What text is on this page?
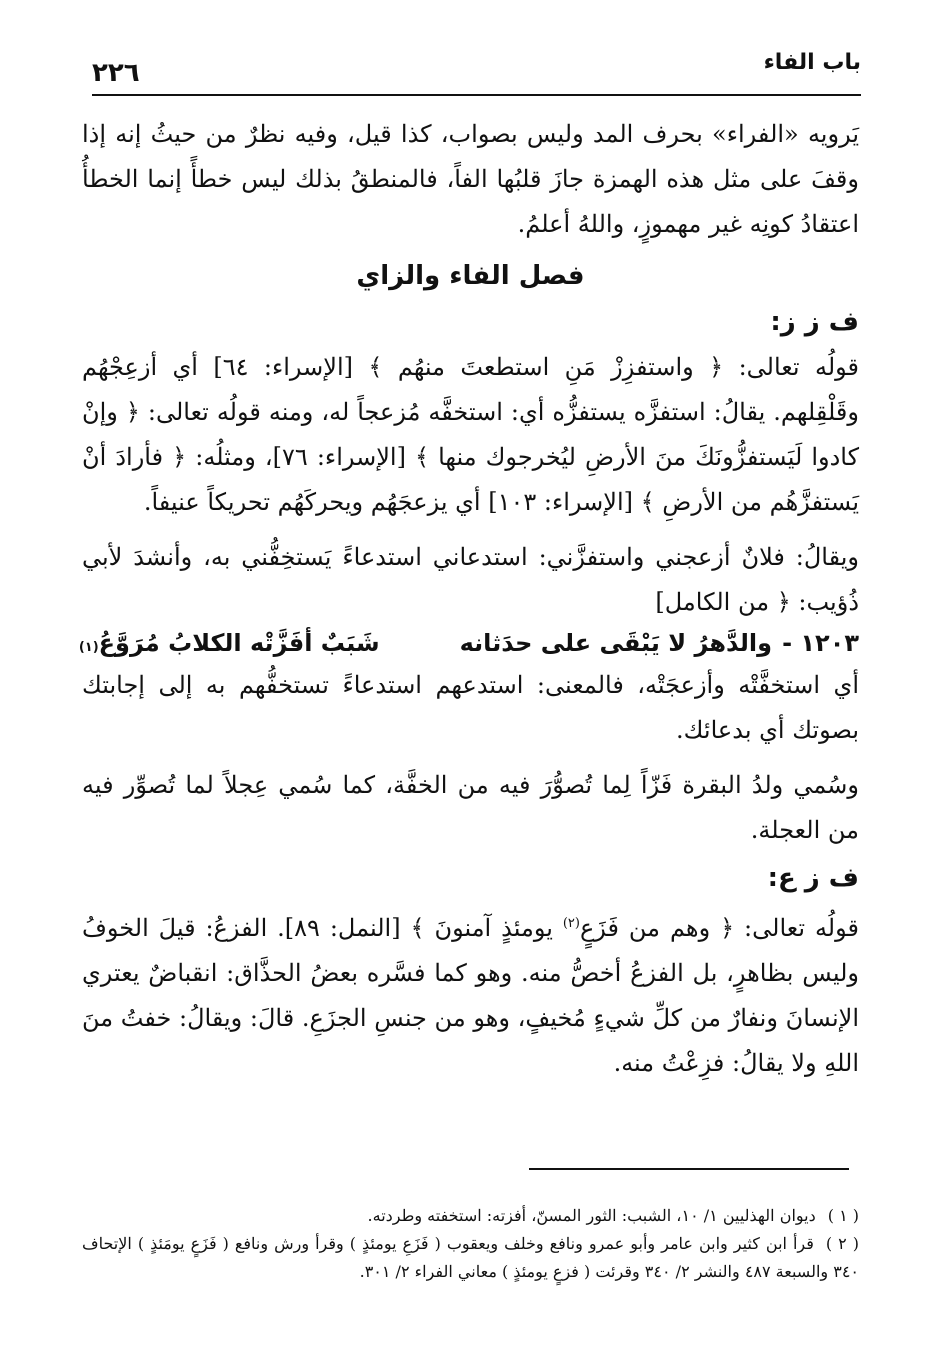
باب الفاء
٢٢٦

يَرويه «الفراء» بحرف المد وليس بصواب، كذا قيل، وفيه نظرٌ من حيثُ إنه إذا وقفَ على مثل هذه الهمزة جازَ قلبُها الفاً، فالمنطقُ بذلك ليس خطأً إنما الخطأُ اعتقادُ كونِه غير مهموزٍ، واللهُ أعلمُ.

فصل الفاء والزاي
ف ز ز:

قولُه تعالى: ﴿ واستفزِزْ مَنِ استطعتَ منهُم ﴾ [الإسراء: ٦٤] أي أزعِجْهُم وقَلْقِلهم. يقالُ: استفزَّه يستفزُّه أي: استخفَّه مُزعجاً له، ومنه قولُه تعالى: ﴿ وإنْ كادوا لَيَستفزُّونَكَ منَ الأرضِ ليُخرجوك منها ﴾ [الإسراء: ٧٦]، ومثلُه: ﴿ فأرادَ أنْ يَستفزَّهُم من الأرضِ ﴾ [الإسراء: ١٠٣] أي يزعجَهُم ويحركَهُم تحريكاً عنيفاً.

ويقالُ: فلانٌ أزعجني واستفزَّني: استدعاني استدعاءً يَستخِفُّني به، وأنشدَ لأبي ذُؤيب: ﴿ من الكامل]

١٢٠٣ -
والدَّهرُ لا يَبْقَى على حدَثانه
شَبَبٌ أفَزَّتْه الكلابُ مُرَوَّعُ
(١)

أي استخفَّتْه وأزعجَتْه، فالمعنى: استدعهم استدعاءً تستخفُّهم به إلى إجابتك بصوتك أي بدعائك.

وسُمي ولدُ البقرة فَزّاً لِما تُصوُّرَ فيه من الخفَّة، كما سُمي عِجلاً لما تُصوِّر فيه من العجلة.

ف ز ع:

قولُه تعالى: ﴿ وهم من فَزَعٍ$^{(٢)}$ يومئذٍ آمنونَ ﴾ [النمل: ٨٩]. الفزعُ: قيلَ الخوفُ وليس بظاهرٍ، بل الفزعُ أخصُّ منه. وهو كما فسَّره بعضُ الحذَّاق: انقباضٌ يعتري الإنسانَ ونفارٌ من كلِّ شيءٍ مُخيفٍ، وهو من جنسِ الجزَعِ. قالَ: ويقالُ: خفتُ منَ اللهِ ولا يقالُ: فزِعْتُ منه.

( ١ )ديوان الهذليين ١/ ١٠، الشبب: الثور المسنّ، أفزته: استخفته وطردته.

( ٢ )قرأ ابن كثير وابن عامر وأبو عمرو ونافع وخلف ويعقوب ( فَزَعِ يومئذٍ ) وقرأ ورش ونافع ( فَزَعٍ يومَئذٍ ) الإتحاف ٣٤٠ والسبعة ٤٨٧ والنشر ٢/ ٣٤٠ وقرئت ( فزعٍ يومئذٍ ) معاني الفراء ٢/ ٣٠١.
